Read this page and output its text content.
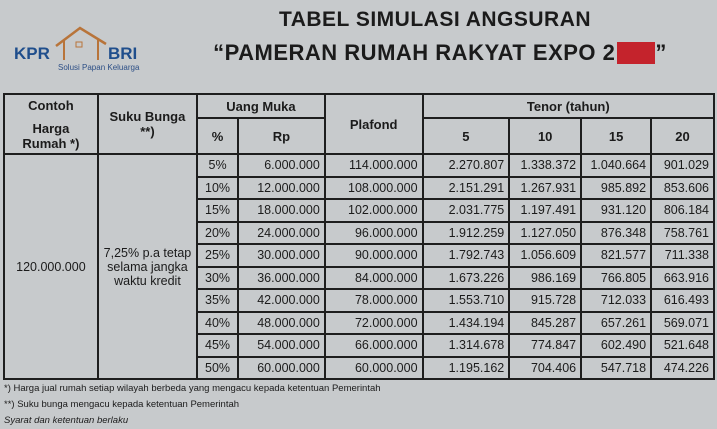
KPR	BRI
Solusi Papan Keluarga
TABEL SIMULASI ANGSURAN
“PAMERAN RUMAH RAKYAT EXPO 2 ”
Contoh
Harga Rumah *)	Suku Bunga **)	Uang Muka		Plafond	Tenor (tahun)			
		%	Rp		5	10	15	20
120.000.000	7,25% p.a tetap selama jangka waktu kredit	5%	6.000.000	114.000.000	2.270.807	1.338.372	1.040.664	901.029
		10%	12.000.000	108.000.000	2.151.291	1.267.931	985.892	853.606
		15%	18.000.000	102.000.000	2.031.775	1.197.491	931.120	806.184
		20%	24.000.000	96.000.000	1.912.259	1.127.050	876.348	758.761
		25%	30.000.000	90.000.000	1.792.743	1.056.609	821.577	711.338
		30%	36.000.000	84.000.000	1.673.226	986.169	766.805	663.916
		35%	42.000.000	78.000.000	1.553.710	915.728	712.033	616.493
		40%	48.000.000	72.000.000	1.434.194	845.287	657.261	569.071
		45%	54.000.000	66.000.000	1.314.678	774.847	602.490	521.648
		50%	60.000.000	60.000.000	1.195.162	704.406	547.718	474.226
*) Harga jual rumah setiap wilayah berbeda yang mengacu kepada ketentuan Pemerintah
**) Suku bunga mengacu kepada ketentuan Pemerintah
Syarat dan ketentuan berlaku
